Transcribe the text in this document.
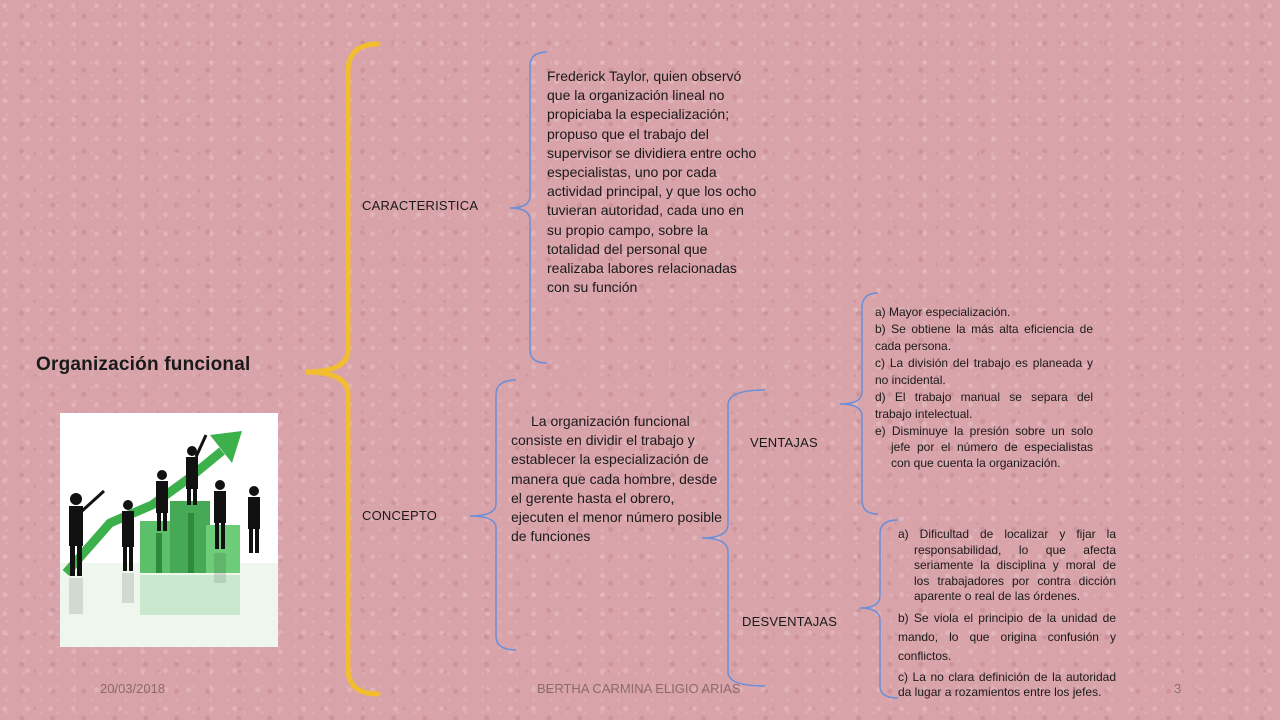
Organización funcional
CARACTERISTICA
CONCEPTO
Frederick Taylor, quien observó que la organización lineal no propiciaba la especialización; propuso que el trabajo del supervisor se dividiera entre ocho especialistas, uno por cada actividad principal, y que los ocho tuvieran autoridad, cada uno en su propio campo, sobre la totalidad del personal que realizaba labores relacionadas con su función
La organización funcional consiste en dividir el trabajo y establecer la especialización de manera que cada hombre, desde el gerente hasta el obrero, ejecuten el menor número posible de funciones
VENTAJAS
DESVENTAJAS

a) Mayor especialización.

b) Se obtiene la más alta eficiencia de cada persona.

c) La división del trabajo es planeada y no incidental.

d) El trabajo manual se separa del trabajo intelectual.

e) Disminuye la presión sobre un solo jefe por el número de especialistas con que cuenta la organización.

a) Dificultad de localizar y fijar la responsabilidad, lo que afecta seriamente la disciplina y moral de los trabajadores por contra dicción aparente o real de las órdenes.

b) Se viola el principio de la unidad de mando, lo que origina confusión y conflictos.

c) La no clara definición de la autoridad da lugar a rozamientos entre los jefes.

20/03/2018	BERTHA CARMINA ELIGIO ARIAS	3
